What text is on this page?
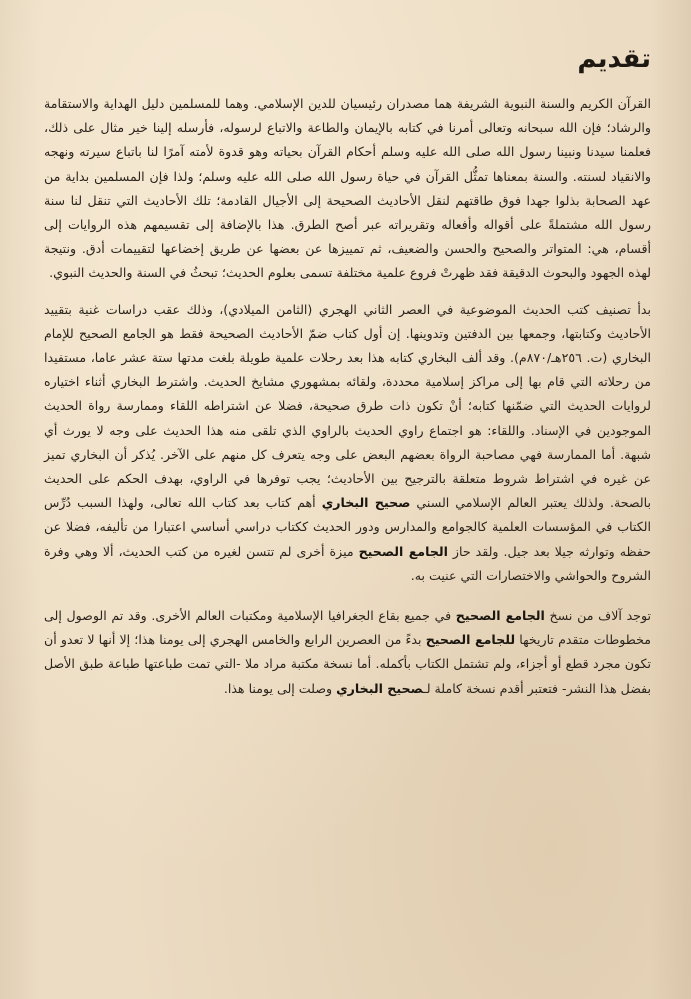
تقديم

القرآن الكريم والسنة النبوية الشريفة هما مصدران رئيسيان للدين الإسلامي. وهما للمسلمين دليل الهداية والاستقامة والرشاد؛ فإن الله سبحانه وتعالى أمرنا في كتابه بالإيمان والطاعة والاتباع لرسوله، فأرسله إلينا خير مثال على ذلك، فعلمنا سيدنا ونبينا رسول الله صلى الله عليه وسلم أحكام القرآن بحياته وهو قدوة لأمته آمرًا لنا باتباع سيرته ونهجه والانقياد لسنته. والسنة بمعناها تمثُّل القرآن في حياة رسول الله صلى الله عليه وسلم؛ ولذا فإن المسلمين بداية من عهد الصحابة بذلوا جهدا فوق طاقتهم لنقل الأحاديث الصحيحة إلى الأجيال القادمة؛ تلك الأحاديث التي تنقل لنا سنة رسول الله مشتملةً على أقواله وأفعاله وتقريراته عبر أصح الطرق. هذا بالإضافة إلى تقسيمهم هذه الروايات إلى أقسام، هي: المتواتر والصحيح والحسن والضعيف، ثم تمييزها عن بعضها عن طريق إخضاعها لتقييمات أدق. ونتيجة لهذه الجهود والبحوث الدقيقة فقد ظهرتْ فروع علمية مختلفة تسمى بعلوم الحديث؛ تبحثُ في السنة والحديث النبوي.

بدأ تصنيف كتب الحديث الموضوعية في العصر الثاني الهجري (الثامن الميلادي)، وذلك عقب دراسات غنية بتقييد الأحاديث وكتابتها، وجمعها بين الدفتين وتدوينها. إن أول كتاب ضمّ الأحاديث الصحيحة فقط هو الجامع الصحيح للإمام البخاري (ت. ٢٥٦هـ/٨٧٠م). وقد ألف البخاري كتابه هذا بعد رحلات علمية طويلة بلغت مدتها ستة عشر عاما، مستفيدا من رحلاته التي قام بها إلى مراكز إسلامية محددة، ولقائه بمشهوري مشايخ الحديث. واشترط البخاري أثناء اختياره لروايات الحديث التي ضمّنها كتابه؛ أنْ تكون ذات طرق صحيحة، فضلا عن اشتراطه اللقاء وممارسة رواة الحديث الموجودين في الإسناد. واللقاء: هو اجتماع راوي الحديث بالراوي الذي تلقى منه هذا الحديث على وجه لا يورث أي شبهة. أما الممارسة فهي مصاحبة الرواة بعضهم البعض على وجه يتعرف كل منهم على الآخر. يُذكر أن البخاري تميز عن غيره في اشتراط شروط متعلقة بالترجيح بين الأحاديث؛ يجب توفرها في الراوي، بهدف الحكم على الحديث بالصحة. ولذلك يعتبر العالم الإسلامي السني صحيح البخاري أهم كتاب بعد كتاب الله تعالى، ولهذا السبب دُرِّس الكتاب في المؤسسات العلمية كالجوامع والمدارس ودور الحديث ككتاب دراسي أساسي اعتبارا من تأليفه، فضلا عن حفظه وتوارثه جيلا بعد جيل. ولقد حاز الجامع الصحيح ميزة أخرى لم تتسن لغيره من كتب الحديث، ألا وهي وفرة الشروح والحواشي والاختصارات التي عنيت به.

توجد آلاف من نسخ الجامع الصحيح في جميع بقاع الجغرافيا الإسلامية ومكتبات العالم الأخرى. وقد تم الوصول إلى مخطوطات متقدم تاريخها للجامع الصحيح بدءً من العصرين الرابع والخامس الهجري إلى يومنا هذا؛ إلا أنها لا تعدو أن تكون مجرد قطع أو أجزاء، ولم تشتمل الكتاب بأكمله. أما نسخة مكتبة مراد ملا -التي تمت طباعتها طباعة طبق الأصل بفضل هذا النشر- فتعتبر أقدم نسخة كاملة لـصحيح البخاري وصلت إلى يومنا هذا.
